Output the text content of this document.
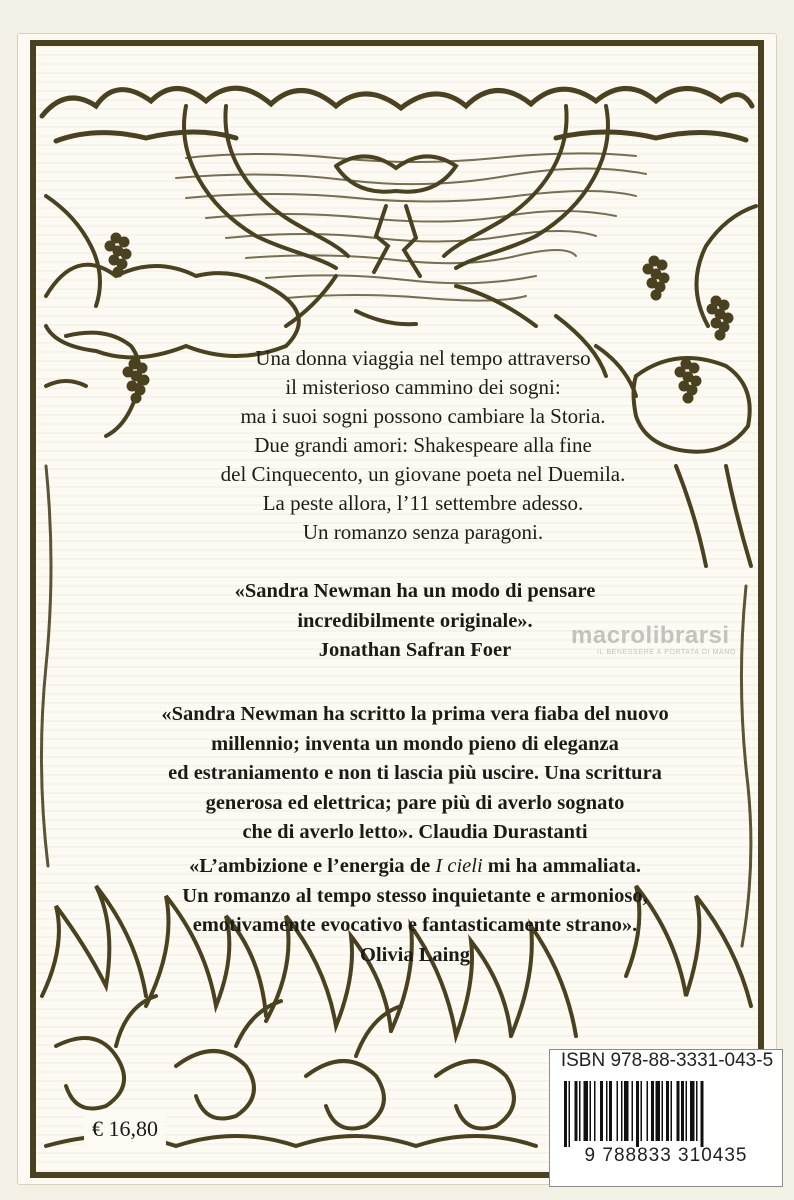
Una donna viaggia nel tempo attraverso
il misterioso cammino dei sogni:
ma i suoi sogni possono cambiare la Storia.
Due grandi amori: Shakespeare alla fine
del Cinquecento, un giovane poeta nel Duemila.
La peste allora, l’11 settembre adesso.
Un romanzo senza paragoni.
«Sandra Newman ha un modo di pensare
incredibilmente originale».
Jonathan Safran Foer
«Sandra Newman ha scritto la prima vera fiaba del nuovo
millennio; inventa un mondo pieno di eleganza
ed estraniamento e non ti lascia più uscire. Una scrittura
generosa ed elettrica; pare più di averlo sognato
che di averlo letto». Claudia Durastanti
«L’ambizione e l’energia de I cieli mi ha ammaliata.
Un romanzo al tempo stesso inquietante e armonioso,
emotivamente evocativo e fantasticamente strano».
Olivia Laing
macrolibrarsi
IL BENESSERE A PORTATA DI MANO
€ 16,80
ISBN 978-88-3331-043-5
9 788833 310435
